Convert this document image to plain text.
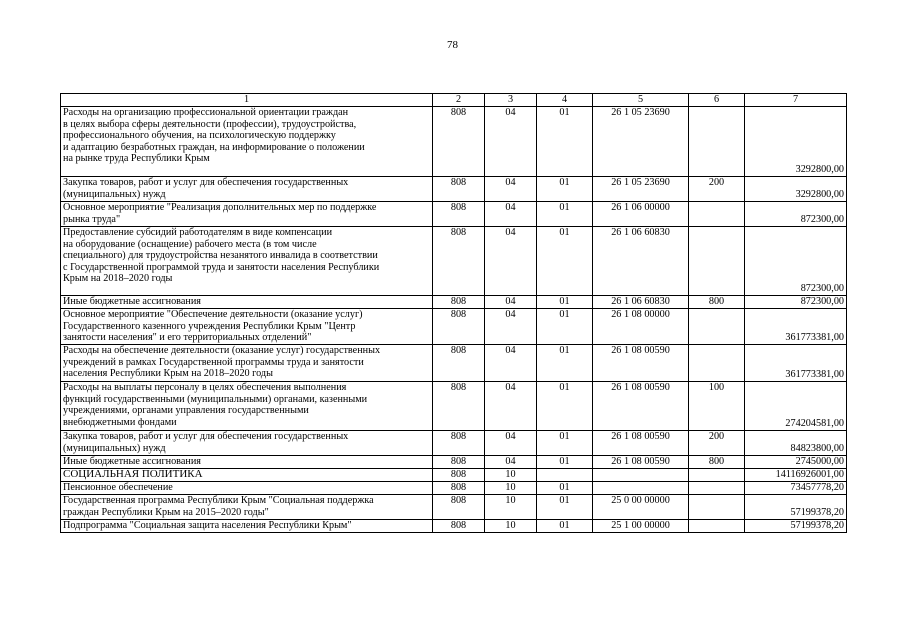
78
1	2	3	4	5	6	7
Расходы на организацию профессиональной ориентации граждан
в целях выбора сферы деятельности (профессии), трудоустройства,
профессионального обучения, на психологическую поддержку
и адаптацию безработных граждан, на информирование о положении
на рынке труда Республики Крым	808	04	01	26 1 05 23690		3292800,00
Закупка товаров, работ и услуг для обеспечения государственных
(муниципальных) нужд	808	04	01	26 1 05 23690	200	3292800,00
Основное мероприятие "Реализация дополнительных мер по поддержке
рынка труда"	808	04	01	26 1 06 00000		872300,00
Предоставление субсидий работодателям в виде компенсации
на оборудование (оснащение) рабочего места (в том числе
специального) для трудоустройства незанятого инвалида в соответствии
с Государственной программой труда и занятости населения Республики
Крым на 2018–2020 годы	808	04	01	26 1 06 60830		872300,00
Иные бюджетные ассигнования	808	04	01	26 1 06 60830	800	872300,00
Основное мероприятие "Обеспечение деятельности (оказание услуг)
Государственного казенного учреждения Республики Крым "Центр
занятости населения" и его территориальных отделений"	808	04	01	26 1 08 00000		361773381,00
Расходы на обеспечение деятельности (оказание услуг) государственных
учреждений в рамках Государственной программы труда и занятости
населения Республики Крым на 2018–2020 годы	808	04	01	26 1 08 00590		361773381,00
Расходы на выплаты персоналу в целях обеспечения выполнения
функций государственными (муниципальными) органами, казенными
учреждениями, органами управления государственными
внебюджетными фондами	808	04	01	26 1 08 00590	100	274204581,00
Закупка товаров, работ и услуг для обеспечения государственных
(муниципальных) нужд	808	04	01	26 1 08 00590	200	84823800,00
Иные бюджетные ассигнования	808	04	01	26 1 08 00590	800	2745000,00
СОЦИАЛЬНАЯ ПОЛИТИКА	808	10				14116926001,00
Пенсионное обеспечение	808	10	01			73457778,20
Государственная программа Республики Крым "Социальная поддержка
граждан Республики Крым на 2015–2020 годы"	808	10	01	25 0 00 00000		57199378,20
Подпрограмма "Социальная защита населения Республики Крым"	808	10	01	25 1 00 00000		57199378,20
